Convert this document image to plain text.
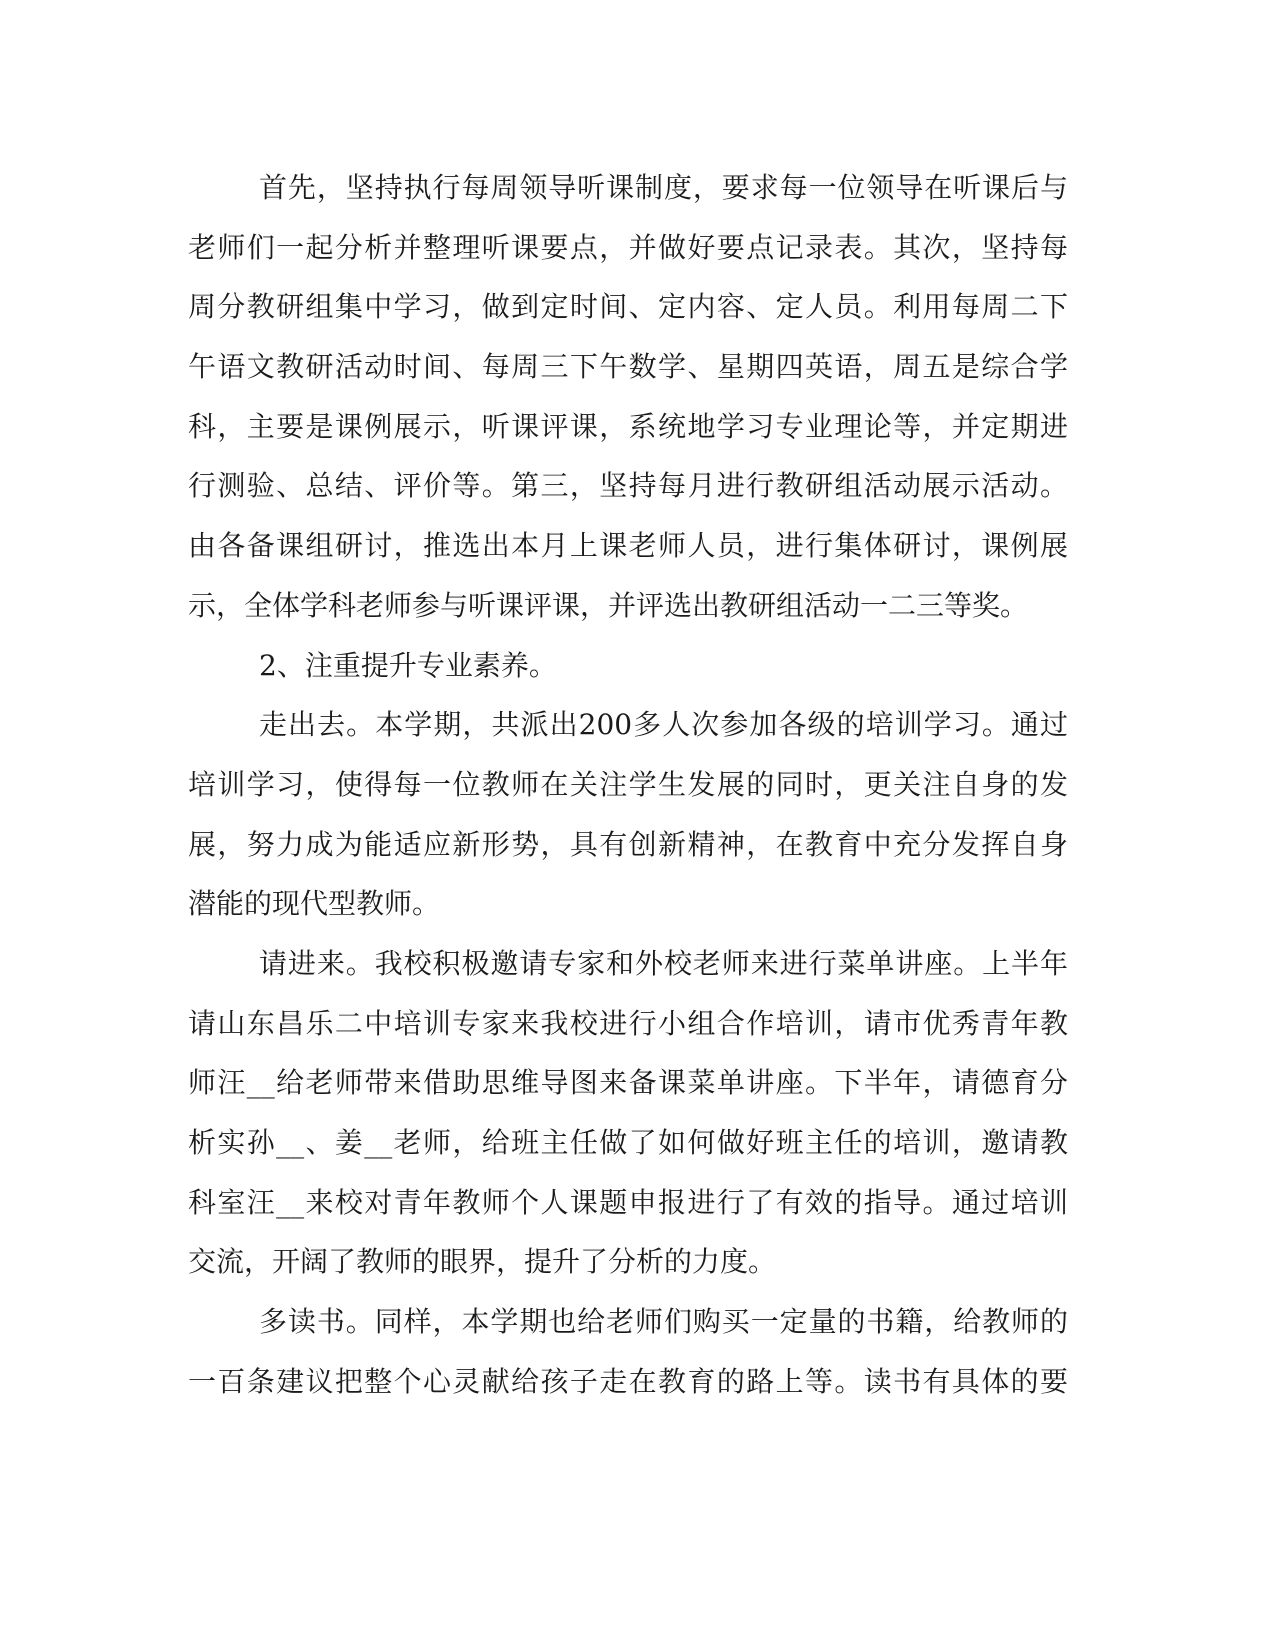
首先，坚持执行每周领导听课制度，要求每一位领导在听课后与
老师们一起分析并整理听课要点，并做好要点记录表。其次，坚持每
周分教研组集中学习，做到定时间、定内容、定人员。利用每周二下
午语文教研活动时间、每周三下午数学、星期四英语，周五是综合学
科，主要是课例展示，听课评课，系统地学习专业理论等，并定期进
行测验、总结、评价等。第三，坚持每月进行教研组活动展示活动。
由各备课组研讨，推选出本月上课老师人员，进行集体研讨，课例展
示，全体学科老师参与听课评课，并评选出教研组活动一二三等奖。
2、注重提升专业素养。
走出去。本学期，共派出200多人次参加各级的培训学习。通过
培训学习，使得每一位教师在关注学生发展的同时，更关注自身的发
展，努力成为能适应新形势，具有创新精神，在教育中充分发挥自身
潜能的现代型教师。
请进来。我校积极邀请专家和外校老师来进行菜单讲座。上半年
请山东昌乐二中培训专家来我校进行小组合作培训，请市优秀青年教
师汪__给老师带来借助思维导图来备课菜单讲座。下半年，请德育分
析实孙__、姜__老师，给班主任做了如何做好班主任的培训，邀请教
科室汪__来校对青年教师个人课题申报进行了有效的指导。通过培训
交流，开阔了教师的眼界，提升了分析的力度。
多读书。同样，本学期也给老师们购买一定量的书籍，给教师的
一百条建议把整个心灵献给孩子走在教育的路上等。读书有具体的要
